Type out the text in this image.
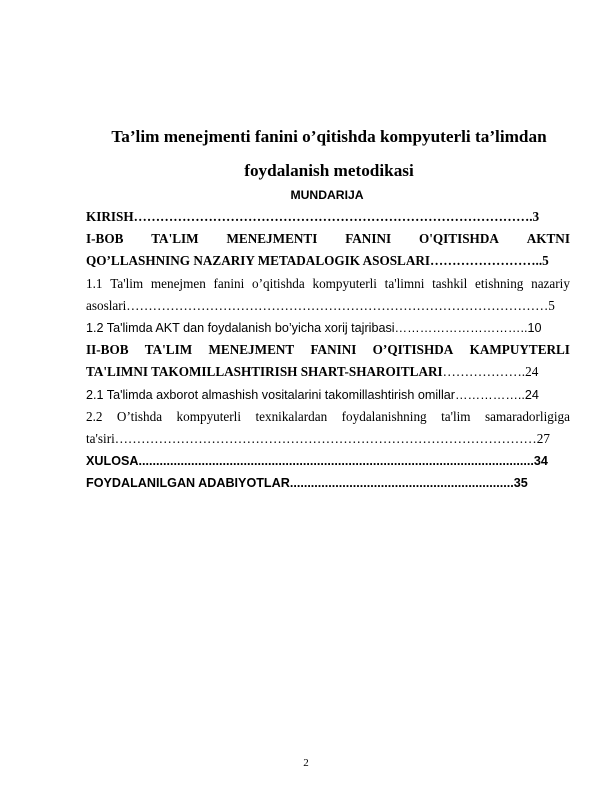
Ta’lim menejmenti fanini o’qitishda kompyuterli ta’limdan
foydalanish metodikasi
MUNDARIJA
KIRISH……………………………………………………………………………….3
I-BOB TA'LIM MENEJMENTI FANINI O'QITISHDA AKTNI
QO’LLASHNING NAZARIY METADALOGIK ASOSLARI……………………..5
1.1 Ta'lim menejmen fanini o’qitishda kompyuterli ta'limni tashkil etishning nazariy
asoslari……………………………………………………………………………………5
1.2 Ta'limda AKT dan foydalanish bo’yicha xorij tajribasi…………………………..10
II-BOB TA'LIM MENEJMENT FANINI O’QITISHDA KAMPUYTERLI
TA'LIMNI TAKOMILLASHTIRISH SHART-SHAROITLARI……………….24
2.1 Ta'limda axborot almashish vositalarini takomillashtirish omillar……………..24
2.2 O’tishda kompyuterli texnikalardan foydalanishning ta'lim samaradorligiga
ta'siri……………………………………………………………………………………27
XULOSA.................................................................................................................34
FOYDALANILGAN ADABIYOTLAR................................................................35
2
